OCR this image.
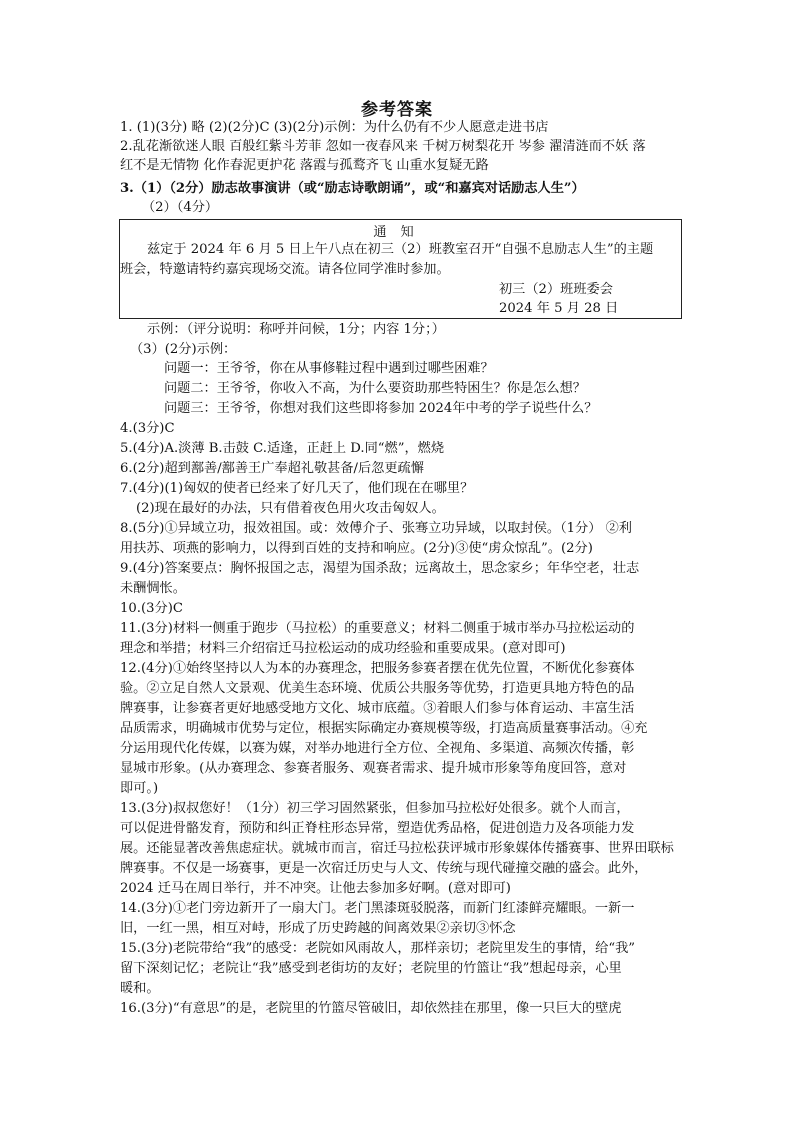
参考答案
1. (1)(3分) 略 (2)(2分)C (3)(2分)示例：为什么仍有不少人愿意走进书店
2.乱花渐欲迷人眼 百般红紫斗芳菲 忽如一夜春风来 千树万树梨花开 岑参 濯清涟而不妖 落
红不是无情物 化作春泥更护花 落霞与孤鹜齐飞 山重水复疑无路
3.（1）（2分）励志故事演讲（或“励志诗歌朗诵”，或“和嘉宾对话励志人生”）
（2）（4分）
通知
兹定于 2024 年 6 月 5 日上午八点在初三（2）班教室召开“自强不息励志人生”的主题
班会，特邀请特约嘉宾现场交流。请各位同学准时参加。
初三（2）班班委会
2024 年 5 月 28 日
示例：（评分说明：称呼并问候，1分；内容 1分；）
（3）(2分)示例：
问题一：王爷爷，你在从事修鞋过程中遇到过哪些困难？
问题二：王爷爷，你收入不高，为什么要资助那些特困生？你是怎么想？
问题三：王爷爷，你想对我们这些即将参加 2024年中考的学子说些什么？
4.(3分)C
5.(4分)A.淡薄 B.击鼓 C.适逢，正赶上 D.同“燃”，燃烧
6.(2分)超到鄯善/鄯善王广奉超礼敬甚备/后忽更疏懈
7.(4分)(1)匈奴的使者已经来了好几天了，他们现在在哪里？
(2)现在最好的办法，只有借着夜色用火攻击匈奴人。
8.(5分)①异域立功，报效祖国。或：效傅介子、张骞立功异域，以取封侯。（1分） ②利
用扶苏、项燕的影响力，以得到百姓的支持和响应。(2分)③使“虏众惊乱”。(2分)
9.(4分)答案要点：胸怀报国之志，渴望为国杀敌；远离故土，思念家乡；年华空老，壮志
未酬惆怅。
10.(3分)C
11.(3分)材料一侧重于跑步（马拉松）的重要意义；材料二侧重于城市举办马拉松运动的
理念和举措；材料三介绍宿迁马拉松运动的成功经验和重要成果。(意对即可)
12.(4分)①始终坚持以人为本的办赛理念，把服务参赛者摆在优先位置，不断优化参赛体
验。②立足自然人文景观、优美生态环境、优质公共服务等优势，打造更具地方特色的品
牌赛事，让参赛者更好地感受地方文化、城市底蕴。③着眼人们参与体育运动、丰富生活
品质需求，明确城市优势与定位，根据实际确定办赛规模等级，打造高质量赛事活动。④充
分运用现代化传媒，以赛为媒，对举办地进行全方位、全视角、多渠道、高频次传播，彰
显城市形象。(从办赛理念、参赛者服务、观赛者需求、提升城市形象等角度回答，意对
即可。)
13.(3分)叔叔您好！（1分）初三学习固然紧张，但参加马拉松好处很多。就个人而言，
可以促进骨骼发育，预防和纠正脊柱形态异常，塑造优秀品格，促进创造力及各项能力发
展。还能显著改善焦虑症状。就城市而言，宿迁马拉松获评城市形象媒体传播赛事、世界田联标
牌赛事。不仅是一场赛事，更是一次宿迁历史与人文、传统与现代碰撞交融的盛会。此外，
2024 迁马在周日举行，并不冲突。让他去参加多好啊。(意对即可)
14.(3分)①老门旁边新开了一扇大门。老门黑漆斑驳脱落，而新门红漆鲜亮耀眼。一新一
旧，一红一黑，相互对峙，形成了历史跨越的间离效果②亲切③怀念
15.(3分)老院带给“我”的感受：老院如风雨故人，那样亲切；老院里发生的事情，给“我”
留下深刻记忆；老院让“我”感受到老街坊的友好；老院里的竹篮让“我”想起母亲，心里
暖和。
16.(3分)“有意思”的是，老院里的竹篮尽管破旧，却依然挂在那里，像一只巨大的壁虎
